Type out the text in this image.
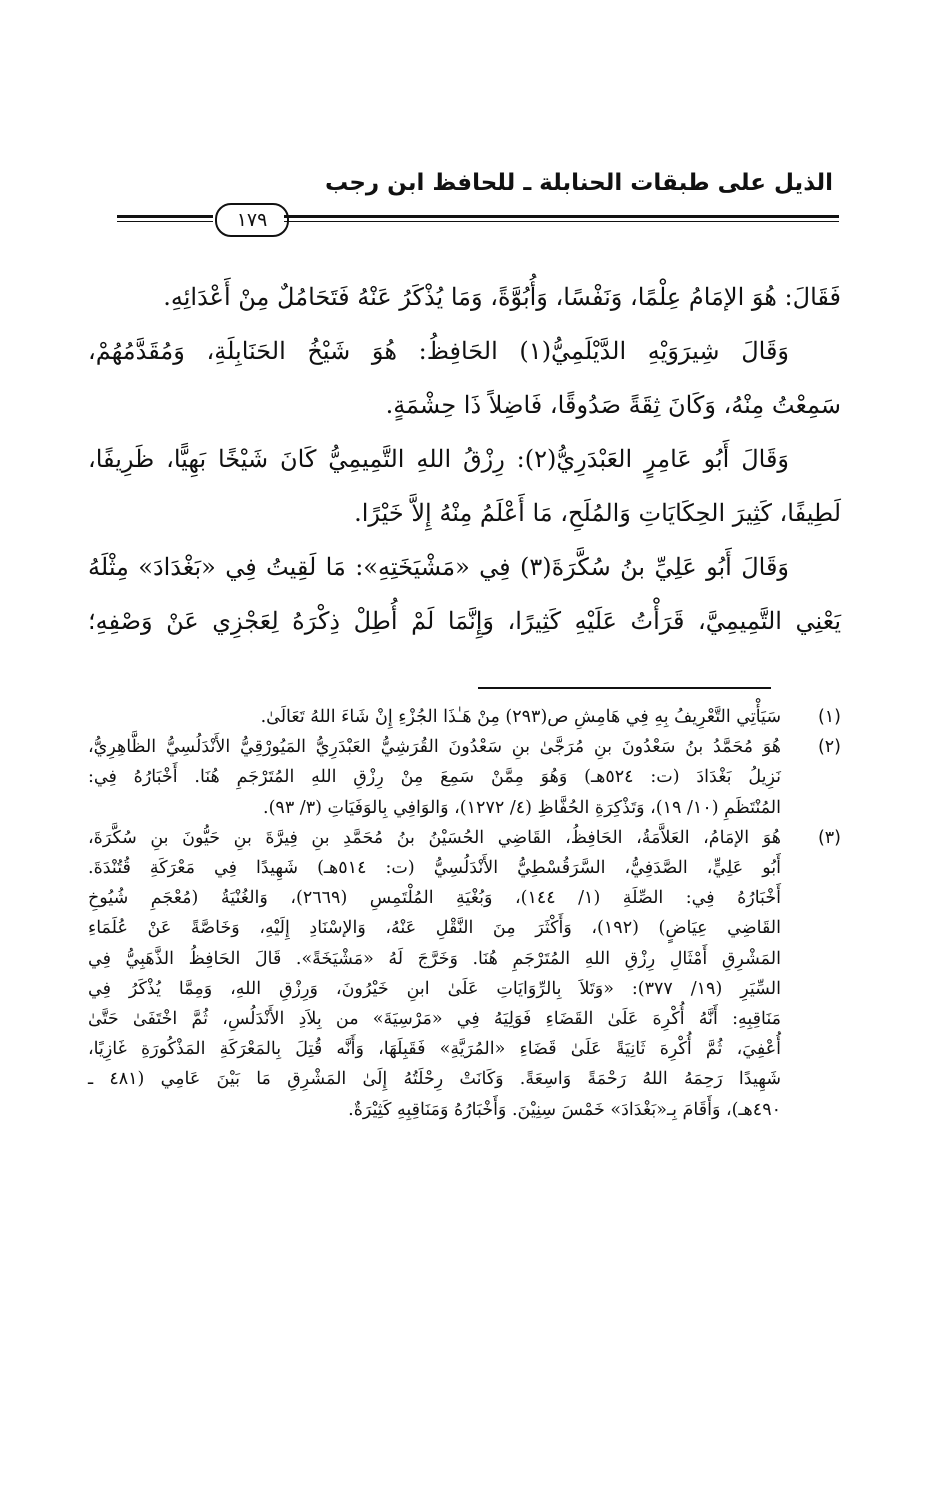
الذيل على طبقات الحنابلة ـ للحافظ ابن رجب
١٧٩

فَقَالَ: هُوَ الإمَامُ عِلْمًا، وَنَفْسًا، وَأُبُوَّةً، وَمَا يُذْكَرُ عَنْهُ فَتَحَامُلٌ مِنْ أَعْدَائِهِ.

وَقَالَ شِيرَوَيْهِ الدَّيْلَمِيُّ(١) الحَافِظُ: هُوَ شَيْخُ الحَنَابِلَةِ، وَمُقَدَّمُهُمْ،

سَمِعْتُ مِنْهُ، وَكَانَ ثِقَةً صَدُوقًا، فَاضِلاً ذَا حِشْمَةٍ.

وَقَالَ أَبُو عَامِرٍ العَبْدَرِيُّ(٢): رِزْقُ اللهِ التَّمِيمِيُّ كَانَ شَيْخًا بَهِيًّا، ظَرِيفًا،

لَطِيفًا، كَثِيرَ الحِكَايَاتِ وَالمُلَحِ، مَا أَعْلَمُ مِنْهُ إِلاَّ خَيْرًا.

وَقَالَ أَبُو عَلِيِّ بنُ سُكَّرَةَ(٣) فِي «مَشْيَخَتِهِ»: مَا لَقِيتُ فِي «بَغْدَادَ» مِثْلَهُ

يَعْنِي التَّمِيمِيَّ، قَرَأْتُ عَلَيْهِ كَثِيرًا، وَإِنَّمَا لَمْ أُطِلْ ذِكْرَهُ لِعَجْزِي عَنْ وَصْفِهِ؛

(١)
سَيَأْتِي التَّعْرِيفُ بِهِ فِي هَامِشِ ص(٢٩٣) مِنْ هَـٰذَا الجُزْءِ إِنْ شَاءَ اللهُ تَعَالَىٰ.
(٢)
هُوَ مُحَمَّدُ بنُ سَعْدُونَ بنِ مُرَجَّىٰ بنِ سَعْدُونَ القُرَشِيُّ العَبْدَرِيُّ المَيُورْقِيُّ الأَنْدَلُسِيُّ الظَّاهِرِيُّ،
نَزِيلُ بَغْدَادَ (ت: ٥٢٤هـ) وَهُوَ مِمَّنْ سَمِعَ مِنْ رِزْقِ اللهِ المُتَرْجَمِ هُنَا. أَخْبَارُهُ فِي:
المُنْتَظَمِ (١٠/ ١٩)، وَتَذْكِرَةِ الحُفَّاظِ (٤/ ١٢٧٢)، وَالوَافِي بِالوَفَيَاتِ (٣/ ٩٣).
(٣)
هُوَ الإمَامُ، العَلاَّمَةُ، الحَافِظُ، القَاضِي الحُسَيْنُ بنُ مُحَمَّدِ بنِ فِيرَّةَ بنِ حَيُّونَ بنِ سُكَّرَةَ،
أَبُو عَلِيٍّ، الصَّدَفِيُّ، السَّرَقُسْطِيُّ الأَنْدَلُسِيُّ (ت: ٥١٤هـ) شَهِيدًا فِي مَعْرَكَةِ قُتُنْدَةَ.
أَخْبَارُهُ فِي: الصِّلَةِ (١/ ١٤٤)، وَبُغْيَةِ المُلْتَمِسِ (٢٦٦٩)، وَالغُنْيَةُ (مُعْجَمِ شُيُوخِ
القَاضِي عِيَاضٍ) (١٩٢)، وَأَكْثَرَ مِنَ النَّقْلِ عَنْهُ، وَالإسْنَادِ إِلَيْهِ، وَخَاصَّةً عَنْ عُلَمَاءِ
المَشْرِقِ أَمْثَالِ رِزْقِ اللهِ المُتَرْجَمِ هُنَا. وَخَرَّجَ لَهُ «مَشْيَخَةً». قَالَ الحَافِظُ الذَّهَبِيُّ فِي
السِّيَرِ (١٩/ ٣٧٧): «وَتَلاَ بِالرِّوَايَاتِ عَلَىٰ ابنِ خَيْرُونَ، وَرِزْقِ اللهِ، وَمِمَّا يُذْكَرُ فِي
مَنَاقِبِهِ: أَنَّهُ أُكْرِهَ عَلَىٰ القَضَاءِ فَوَلِيَهُ فِي «مَرْسِيَةَ» من بِلاَدِ الأَنْدَلُسِ، ثُمَّ اخْتَفَىٰ حَتَّىٰ
أُعْفِيَ، ثُمَّ أُكْرِهَ ثَانِيَةً عَلَىٰ قَضَاءِ «المُرَيَّةِ» فَقَبِلَهَا، وَأَنَّه قُتِلَ بِالمَعْرَكَةِ المَذْكُورَةِ غَازِيًا،
شَهِيدًا رَحِمَهُ اللهُ رَحْمَةً وَاسِعَةً. وَكَانَتْ رِحْلَتُهُ إِلَىٰ المَشْرِقِ مَا بَيْنَ عَامِي (٤٨١ ـ
٤٩٠هـ)، وَأَقَامَ بِـ«بَغْدَادَ» خَمْسَ سِنِيْنَ. وَأَخْبَارُهُ وَمَنَاقِبِهِ كَثِيْرَةٌ.
